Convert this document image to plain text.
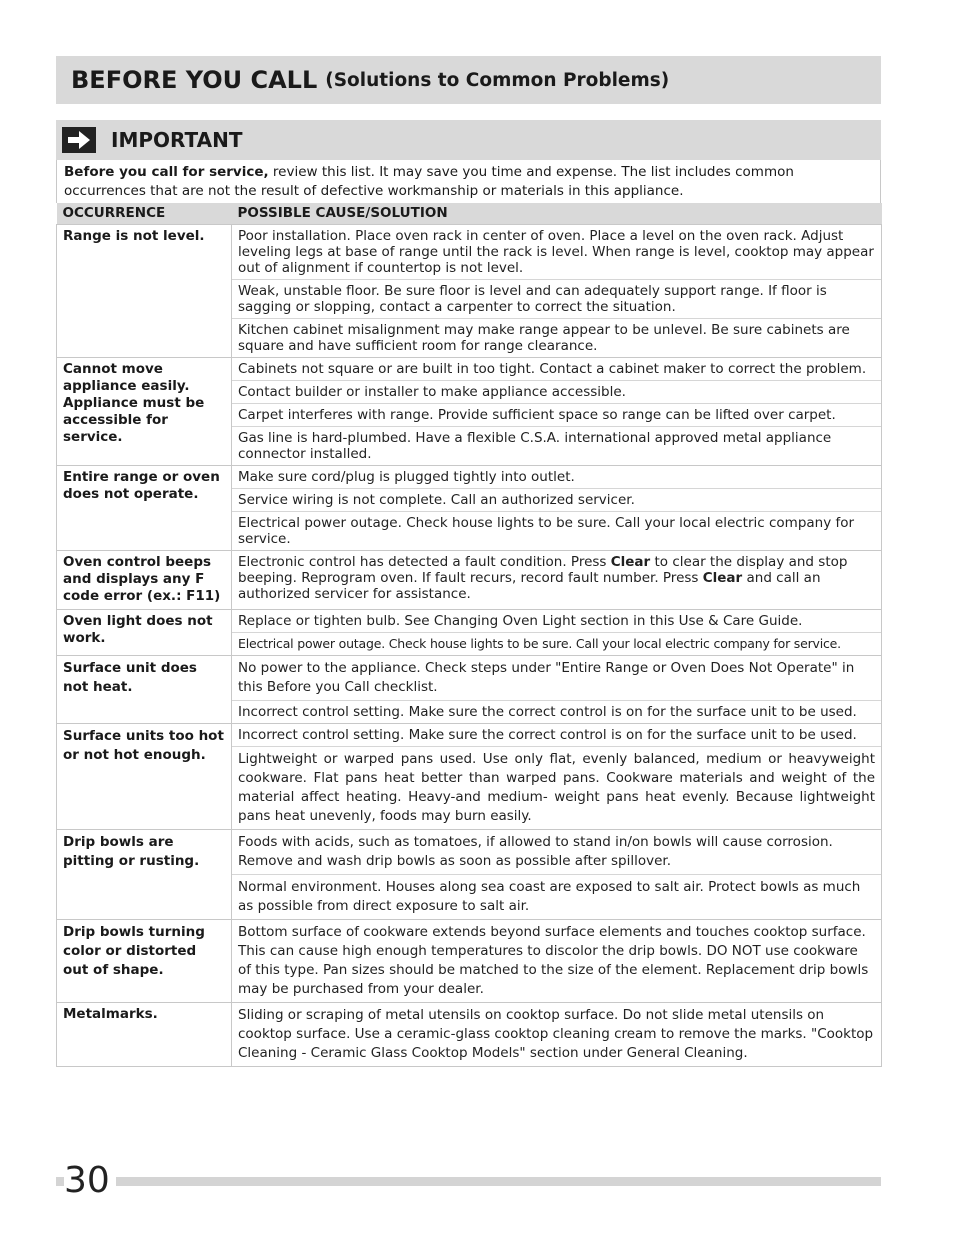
BEFORE YOU CALL (Solutions to Common Problems)
IMPORTANT
Before you call for service, review this list. It may save you time and expense. The list includes common occurrences that are not the result of defective workmanship or materials in this appliance.
OCCURRENCE	POSSIBLE CAUSE/SOLUTION
Range is not level.	Poor installation. Place oven rack in center of oven. Place a level on the oven rack. Adjust leveling legs at base of range until the rack is level. When range is level, cooktop may appear out of alignment if countertop is not level.
Weak, unstable floor. Be sure floor is level and can adequately support range. If floor is sagging or slopping, contact a carpenter to correct the situation.
Kitchen cabinet misalignment may make range appear to be unlevel. Be sure cabinets are square and have sufficient room for range clearance.

Cannot move appliance easily. Appliance must be accessible for service.	Cabinets not square or are built in too tight. Contact a cabinet maker to correct the problem.
Contact builder or installer to make appliance accessible.
Carpet interferes with range. Provide sufficient space so range can be lifted over carpet.
Gas line is hard-plumbed. Have a flexible C.S.A. international approved metal appliance connector installed.

Entire range or oven does not operate.	Make sure cord/plug is plugged tightly into outlet.
Service wiring is not complete. Call an authorized servicer.
Electrical power outage. Check house lights to be sure. Call your local electric company for service.

Oven control beeps and displays any F code error (ex.: F11)	Electronic control has detected a fault condition. Press Clear to clear the display and stop beeping. Reprogram oven. If fault recurs, record fault number. Press Clear and call an authorized servicer for assistance.

Oven light does not work.	Replace or tighten bulb. See Changing Oven Light section in this Use & Care Guide.
Electrical power outage. Check house lights to be sure. Call your local electric company for service.

Surface unit does not heat.	No power to the appliance. Check steps under "Entire Range or Oven Does Not Operate" in this Before you Call checklist.
Incorrect control setting. Make sure the correct control is on for the surface unit to be used.

Surface units too hot or not hot enough.	Incorrect control setting. Make sure the correct control is on for the surface unit to be used.
Lightweight or warped pans used. Use only flat, evenly balanced, medium or heavyweight cookware. Flat pans heat better than warped pans. Cookware materials and weight of the material affect heating. Heavy-and medium- weight pans heat evenly. Because lightweight pans heat unevenly, foods may burn easily.

Drip bowls are pitting or rusting.	Foods with acids, such as tomatoes, if allowed to stand in/on bowls will cause corrosion. Remove and wash drip bowls as soon as possible after spillover.
Normal environment. Houses along sea coast are exposed to salt air. Protect bowls as much as possible from direct exposure to salt air.

Drip bowls turning color or distorted out of shape.	Bottom surface of cookware extends beyond surface elements and touches cooktop surface. This can cause high enough temperatures to discolor the drip bowls. DO NOT use cookware of this type. Pan sizes should be matched to the size of the element. Replacement drip bowls may be purchased from your dealer.

Metalmarks.	Sliding or scraping of metal utensils on cooktop surface. Do not slide metal utensils on cooktop surface. Use a ceramic-glass cooktop cleaning cream to remove the marks. "Cooktop Cleaning - Ceramic Glass Cooktop Models" section under General Cleaning.
30
